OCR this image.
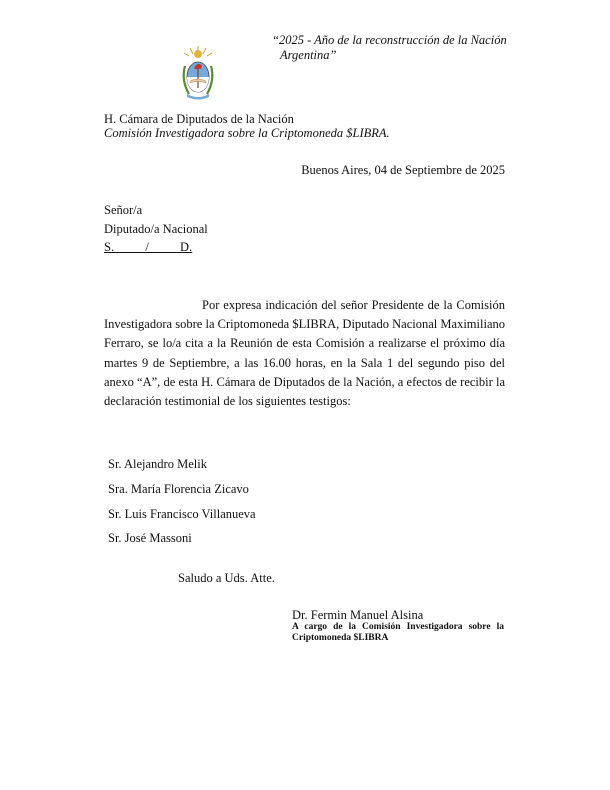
“2025 - Año de la reconstrucción de la Nación
Argentina”
H. Cámara de Diputados de la Nación
Comisión Investigadora sobre la Criptomoneda $LIBRA.
Buenos Aires, 04 de Septiembre de 2025
Señor/a
Diputado/a Nacional
S.          /          D.

Por expresa indicación del señor Presidente de la Comisión Investigadora sobre la Criptomoneda $LIBRA, Diputado Nacional Maximiliano Ferraro, se lo/a cita a la Reunión de esta Comisión a realizarse el próximo día martes 9 de Septiembre, a las 16.00 horas, en la Sala 1 del segundo piso del anexo “A”, de esta H. Cámara de Diputados de la Nación, a efectos de recibir la declaración testimonial de los siguientes testigos:

Sr. Alejandro Melik
Sra. María Florencia Zicavo
Sr. Luis Francisco Villanueva
Sr. José Massoni
Saludo a Uds. Atte.
Dr. Fermin Manuel Alsina
A cargo de la Comisión Investigadora sobre la Criptomoneda $LIBRA
